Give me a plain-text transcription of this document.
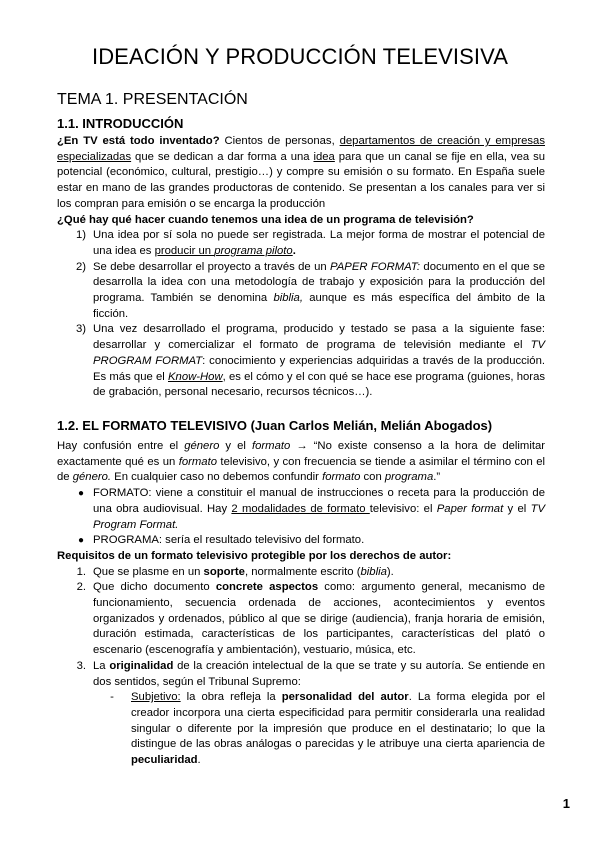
IDEACIÓN Y PRODUCCIÓN TELEVISIVA
TEMA 1. PRESENTACIÓN
1.1. INTRODUCCIÓN

¿En TV está todo inventado? Cientos de personas, departamentos de creación y empresas especializadas que se dedican a dar forma a una idea para que un canal se fije en ella, vea su potencial (económico, cultural, prestigio…) y compre su emisión o su formato. En España suele estar en mano de las grandes productoras de contenido. Se presentan a los canales para ver si los compran para emisión o se encarga la producción

¿Qué hay qué hacer cuando tenemos una idea de un programa de televisión?

1) Una idea por sí sola no puede ser registrada. La mejor forma de mostrar el potencial de una idea es producir un programa piloto.
2) Se debe desarrollar el proyecto a través de un PAPER FORMAT: documento en el que se desarrolla la idea con una metodología de trabajo y exposición para la producción del programa. También se denomina biblia, aunque es más específica del ámbito de la ficción.
3) Una vez desarrollado el programa, producido y testado se pasa a la siguiente fase: desarrollar y comercializar el formato de programa de televisión mediante el TV PROGRAM FORMAT: conocimiento y experiencias adquiridas a través de la producción. Es más que el Know-How, es el cómo y el con qué se hace ese programa (guiones, horas de grabación, personal necesario, recursos técnicos…).
1.2. EL FORMATO TELEVISIVO (Juan Carlos Melián, Melián Abogados)

Hay confusión entre el género y el formato → “No existe consenso a la hora de delimitar exactamente qué es un formato televisivo, y con frecuencia se tiende a asimilar el término con el de género. En cualquier caso no debemos confundir formato con programa.”

● FORMATO: viene a constituir el manual de instrucciones o receta para la producción de una obra audiovisual. Hay 2 modalidades de formato televisivo: el Paper format y el TV Program Format.
● PROGRAMA: sería el resultado televisivo del formato.

Requisitos de un formato televisivo protegible por los derechos de autor:

1. Que se plasme en un soporte, normalmente escrito (biblia).
2. Que dicho documento concrete aspectos como: argumento general, mecanismo de funcionamiento, secuencia ordenada de acciones, acontecimientos y eventos organizados y ordenados, público al que se dirige (audiencia), franja horaria de emisión, duración estimada, características de los participantes, características del plató o escenario (escenografía y ambientación), vestuario, música, etc.
3. La originalidad de la creación intelectual de la que se trate y su autoría. Se entiende en dos sentidos, según el Tribunal Supremo:
-	Subjetivo: la obra refleja la personalidad del autor. La forma elegida por el creador incorpora una cierta especificidad para permitir considerarla una realidad singular o diferente por la impresión que produce en el destinatario; lo que la distingue de las obras análogas o parecidas y le atribuye una cierta apariencia de peculiaridad.
1
